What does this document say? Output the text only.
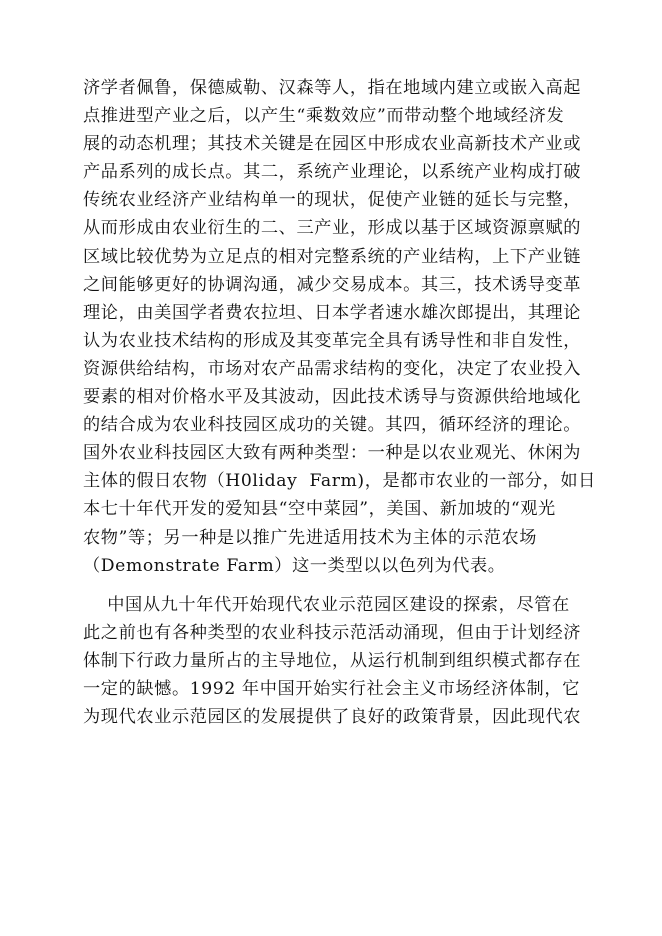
济学者佩鲁，保德威勒、汉森等人，指在地域内建立或嵌入高起
点推进型产业之后，以产生“乘数效应”而带动整个地域经济发
展的动态机理；其技术关键是在园区中形成农业高新技术产业或
产品系列的成长点。其二，系统产业理论，以系统产业构成打破
传统农业经济产业结构单一的现状，促使产业链的延长与完整，
从而形成由农业衍生的二、三产业，形成以基于区域资源禀赋的
区域比较优势为立足点的相对完整系统的产业结构，上下产业链
之间能够更好的协调沟通，减少交易成本。其三，技术诱导变革
理论，由美国学者费农拉坦、日本学者速水雄次郎提出，其理论
认为农业技术结构的形成及其变革完全具有诱导性和非自发性，
资源供给结构，市场对农产品需求结构的变化，决定了农业投入
要素的相对价格水平及其波动，因此技术诱导与资源供给地域化
的结合成为农业科技园区成功的关键。其四，循环经济的理论。
国外农业科技园区大致有两种类型：一种是以农业观光、休闲为
主体的假日农物（H0liday  Farm)，是都市农业的一部分，如日
本七十年代开发的爱知县“空中菜园”，美国、新加坡的“观光
农物”等；另一种是以推广先进适用技术为主体的示范农场
（Demonstrate Farm）这一类型以以色列为代表。
中国从九十年代开始现代农业示范园区建设的探索，尽管在
此之前也有各种类型的农业科技示范活动涌现，但由于计划经济
体制下行政力量所占的主导地位，从运行机制到组织模式都存在
一定的缺憾。1992 年中国开始实行社会主义市场经济体制，它
为现代农业示范园区的发展提供了良好的政策背景，因此现代农
